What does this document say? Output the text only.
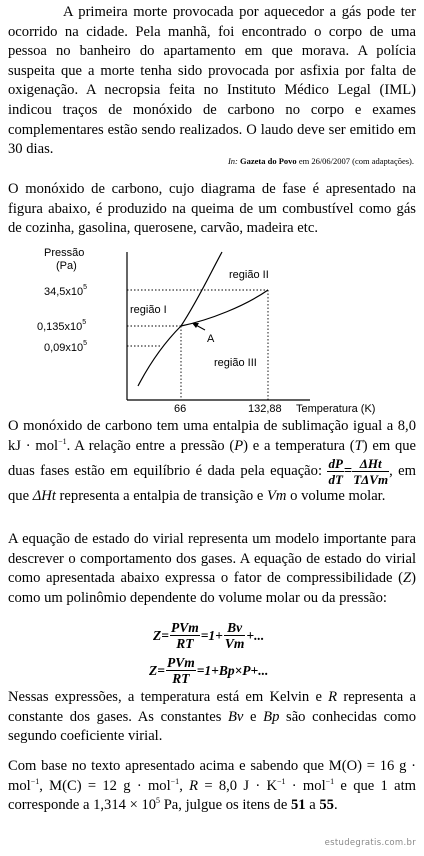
A primeira morte provocada por aquecedor a gás pode ter ocorrido na cidade. Pela manhã, foi encontrado o corpo de uma pessoa no banheiro do apartamento em que morava. A polícia suspeita que a morte tenha sido provocada por asfixia por falta de oxigenação. A necropsia feita no Instituto Médico Legal (IML) indicou traços de monóxido de carbono no corpo e exames complementares estão sendo realizados. O laudo deve ser emitido em 30 dias.

In: Gazeta do Povo em 26/06/2007 (com adaptações).

O monóxido de carbono, cujo diagrama de fase é apresentado na figura abaixo, é produzido na queima de um combustível como gás de cozinha, gasolina, querosene, carvão, madeira etc.

Pressão
(Pa)
Temperatura (K)
$34,5x10^5$
$0,135x10^5$
$0,09x10^5$
66	132,88
A
região I
região II
região III

O monóxido de carbono tem uma entalpia de sublimação igual a 8,0 kJ · mol$^{-1}$. A relação entre a pressão (P) e a temperatura (T) em que duas fases estão em equilíbrio é dada pela equação: $\frac{dP}{dT} = \frac{\text{ΔHt}}{\text{TΔVm}}$ , em que ΔHt representa a entalpia de transição e Vm o volume molar.

A equação de estado do virial representa um modelo importante para descrever o comportamento dos gases. A equação de estado do virial como apresentada abaixo expressa o fator de compressibilidade (Z) como um polinômio dependente do volume molar ou da pressão:

$Z= \frac{\text{PVm}}{RT} =1+ \frac{Bv}{Vm}$ +...
$Z= \frac{\text{PVm}}{RT} =1+Bp\times P+$...

Nessas expressões, a temperatura está em Kelvin e R representa a constante dos gases. As constantes Bv e Bp são conhecidas como segundo coeficiente virial.

Com base no texto apresentado acima e sabendo que M(O) = 16 g · mol$^{-1}$, M(C) = 12 g · mol$^{-1}$, R = 8,0 $J \cdot K^{-1} \cdot mol^{-1}$ e que 1 atm corresponde a $1,314 \times 10^5$ Pa, julgue os itens de 51 a 55.

estudegratis.com.br
